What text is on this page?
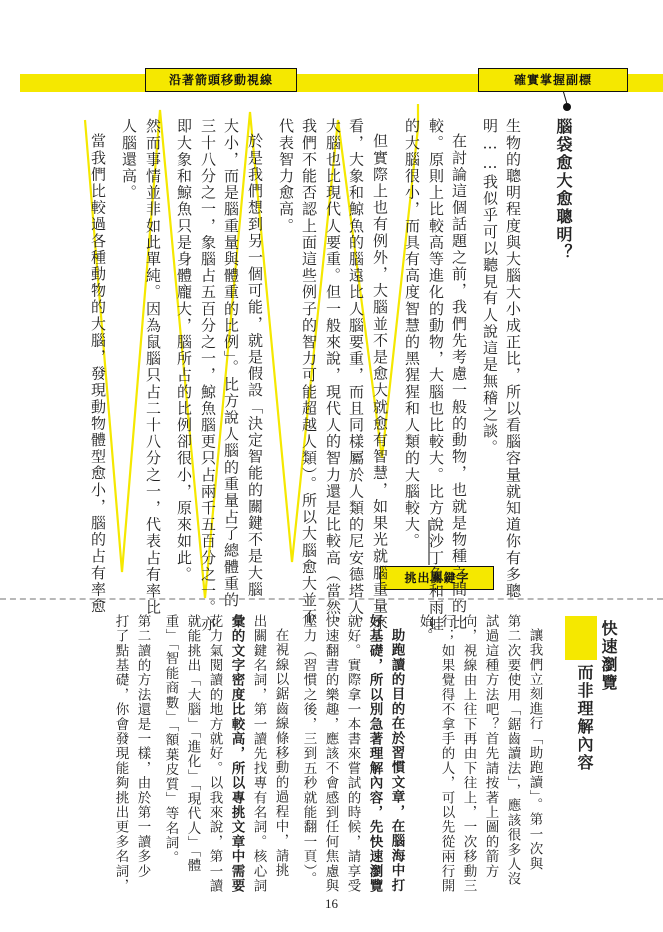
沿著箭頭移動視線	確實掌握副標
挑出關鍵字
腦袋愈大愈聰明？
生物的聰明程度與大腦大小成正比，所以看腦容量就知道你有多聰
明……我似乎可以聽見有人說這是無稽之談。
在討論這個話題之前，我們先考慮一般的動物，也就是物種之間的比
較。原則上比較高等進化的動物，大腦也比較大。比方說沙丁魚和雨蛙
的大腦很小，而具有高度智慧的黑猩猩和人類的大腦較大。
但實際上也有例外，大腦並不是愈大就愈有智慧，如果光就腦重量來
看，大象和鯨魚的腦遠比人腦要重，而且同樣屬於人類的尼安德塔人，
大腦也比現代人要重。但一般來說，現代人的智力還是比較高（當然，
我們不能否認上面這些例子的智力可能超越人類）。所以大腦愈大並不
代表智力愈高。
於是我們想到另一個可能，就是假設「決定智能的關鍵不是大腦
大小，而是腦重量與體重的比例」。比方說人腦的重量占了總體重的
三十八分之一，象腦占五百分之一，鯨魚腦更只占兩千五百分之一。亦
即大象和鯨魚只是身體龐大，腦所占的比例卻很小，原來如此。
然而事情並非如此單純。因為鼠腦只占二十八分之一，代表占有率比
人腦還高。
當我們比較過各種動物的大腦，發現動物體型愈小，腦的占有率愈
快速瀏覽
而非理解內容
讓我們立刻進行「助跑讀」。第一次與
第二次要使用「鋸齒讀法」，應該很多人沒
試過這種方法吧？首先請按著上圖的箭方
向，視線由上往下再由下往上，一次移動三
行；如果覺得不拿手的人，可以先從兩行開
始。
助跑讀的目的在於習慣文章，在腦海中打
好基礎，所以別急著理解內容，先快速瀏覽
就好。實際拿一本書來嘗試的時候，請享受
快速翻書的樂趣，應該不會感到任何焦慮與
壓力（習慣之後，三到五秒就能翻一頁）。
在視線以鋸齒線條移動的過程中，請挑
出關鍵名詞，第一讀先找專有名詞。核心詞
彙的文字密度比較高，所以專挑文章中需要
花力氣閱讀的地方就好。以我來說，第一讀
就能挑出「大腦」「進化」「現代人」「體
重」「智能商數」「額葉皮質」等名詞。
第二讀的方法還是一樣，由於第一讀多少
打了點基礎，你會發現能夠挑出更多名詞，
16
